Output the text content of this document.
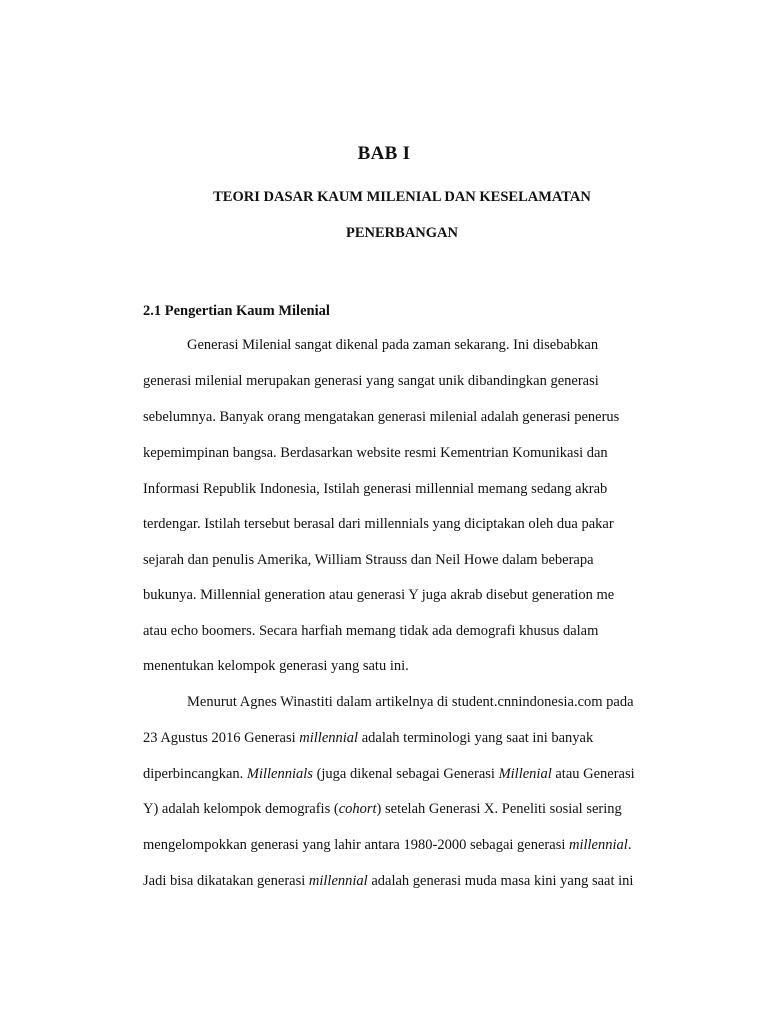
BAB I
TEORI DASAR KAUM MILENIAL DAN KESELAMATAN
PENERBANGAN
2.1 Pengertian Kaum Milenial

Generasi Milenial sangat dikenal pada zaman sekarang. Ini disebabkan

generasi milenial merupakan generasi yang sangat unik dibandingkan generasi

sebelumnya. Banyak orang mengatakan generasi milenial adalah generasi penerus

kepemimpinan bangsa. Berdasarkan website resmi Kementrian Komunikasi dan

Informasi Republik Indonesia, Istilah generasi millennial memang sedang akrab

terdengar. Istilah tersebut berasal dari millennials yang diciptakan oleh dua pakar

sejarah dan penulis Amerika, William Strauss dan Neil Howe dalam beberapa

bukunya. Millennial generation atau generasi Y juga akrab disebut generation me

atau echo boomers. Secara harfiah memang tidak ada demografi khusus dalam

menentukan kelompok generasi yang satu ini.

Menurut Agnes Winastiti dalam artikelnya di student.cnnindonesia.com pada

23 Agustus 2016 Generasi millennial adalah terminologi yang saat ini banyak

diperbincangkan. Millennials (juga dikenal sebagai Generasi Millenial atau Generasi

Y) adalah kelompok demografis (cohort) setelah Generasi X. Peneliti sosial sering

mengelompokkan generasi yang lahir antara 1980-2000 sebagai generasi millennial.

Jadi bisa dikatakan generasi millennial adalah generasi muda masa kini yang saat ini
